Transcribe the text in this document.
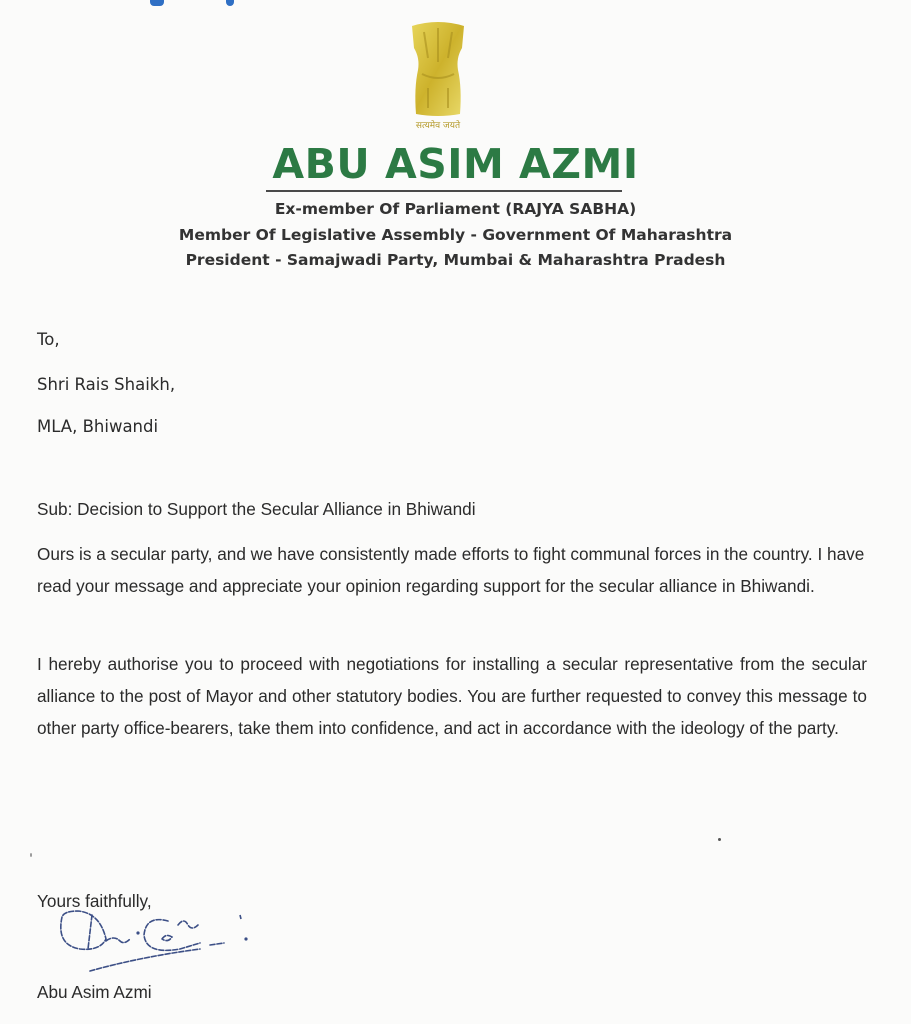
सत्यमेव जयते
ABU ASIM AZMI
Ex-member Of Parliament (RAJYA SABHA)
Member Of Legislative Assembly - Government Of Maharashtra
President - Samajwadi Party, Mumbai & Maharashtra Pradesh
To,
Shri Rais Shaikh,
MLA, Bhiwandi
Sub: Decision to Support the Secular Alliance in Bhiwandi
Ours is a secular party, and we have consistently made efforts to fight communal forces in the country. I have read your message and appreciate your opinion regarding support for the secular alliance in Bhiwandi.
I hereby authorise you to proceed with negotiations for installing a secular representative from the secular alliance to the post of Mayor and other statutory bodies. You are further requested to convey this message to other party office-bearers, take them into confidence, and act in accordance with the ideology of the party.
Yours faithfully,
Abu Asim Azmi
